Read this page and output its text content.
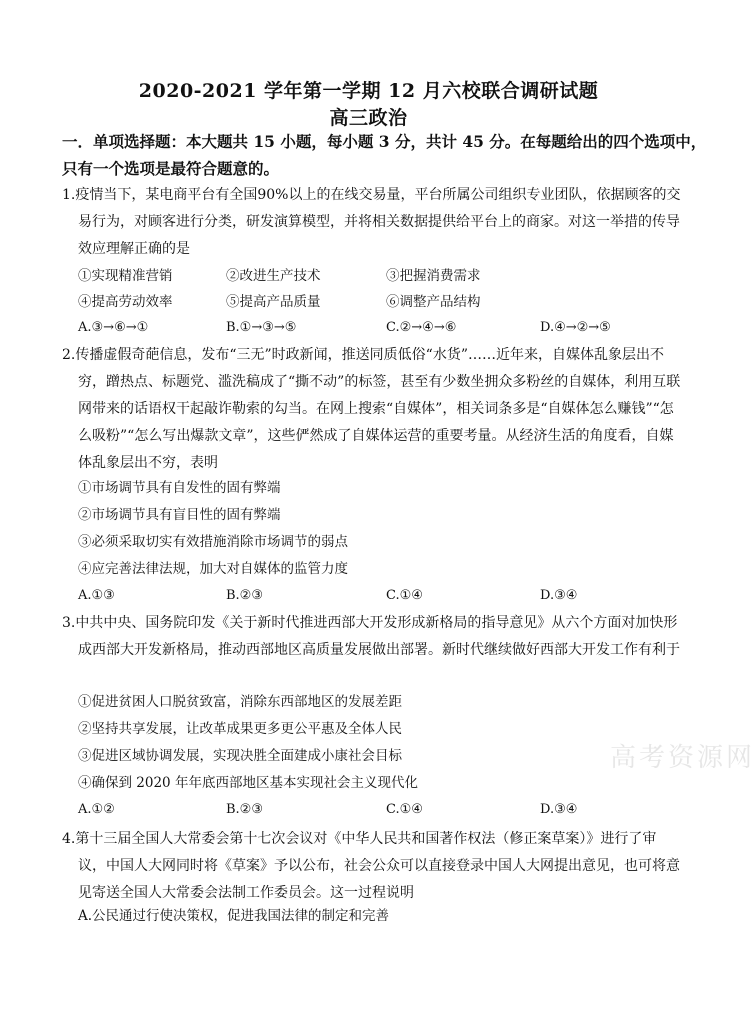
2020-2021 学年第一学期 12 月六校联合调研试题
高三政治
一．单项选择题：本大题共 15 小题，每小题 3 分，共计 45 分。在每题给出的四个选项中，
只有一个选项是最符合题意的。

1.疫情当下，某电商平台有全国90%以上的在线交易量，平台所属公司组织专业团队，依据顾客的交易行为，对顾客进行分类，研发演算模型，并将相关数据提供给平台上的商家。对这一举措的传导效应理解正确的是

①实现精准营销	②改进生产技术	③把握消费需求
④提高劳动效率	⑤提高产品质量	⑥调整产品结构
A.③→⑥→①	B.①→③→⑤	C.②→④→⑥	D.④→②→⑤

2.传播虚假奇葩信息，发布“三无”时政新闻，推送同质低俗“水货”……近年来，自媒体乱象层出不穷，蹭热点、标题党、滥洗稿成了“撕不动”的标签，甚至有少数坐拥众多粉丝的自媒体，利用互联网带来的话语权干起敲诈勒索的勾当。在网上搜索“自媒体”，相关词条多是“自媒体怎么赚钱”“怎么吸粉”“怎么写出爆款文章”，这些俨然成了自媒体运营的重要考量。从经济生活的角度看，自媒体乱象层出不穷，表明

①市场调节具有自发性的固有弊端
②市场调节具有盲目性的固有弊端
③必须采取切实有效措施消除市场调节的弱点
④应完善法律法规，加大对自媒体的监管力度
A.①③	B.②③	C.①④	D.③④

3.中共中央、国务院印发《关于新时代推进西部大开发形成新格局的指导意见》从六个方面对加快形成西部大开发新格局，推动西部地区高质量发展做出部署。新时代继续做好西部大开发工作有利于

①促进贫困人口脱贫致富，消除东西部地区的发展差距
②坚持共享发展，让改革成果更多更公平惠及全体人民
③促进区域协调发展，实现决胜全面建成小康社会目标
④确保到 2020 年年底西部地区基本实现社会主义现代化
A.①②	B.②③	C.①④	D.③④

4.第十三届全国人大常委会第十七次会议对《中华人民共和国著作权法（修正案草案）》进行了审议，中国人大网同时将《草案》予以公布，社会公众可以直接登录中国人大网提出意见，也可将意见寄送全国人大常委会法制工作委员会。这一过程说明

A.公民通过行使决策权，促进我国法律的制定和完善
高考资源网
